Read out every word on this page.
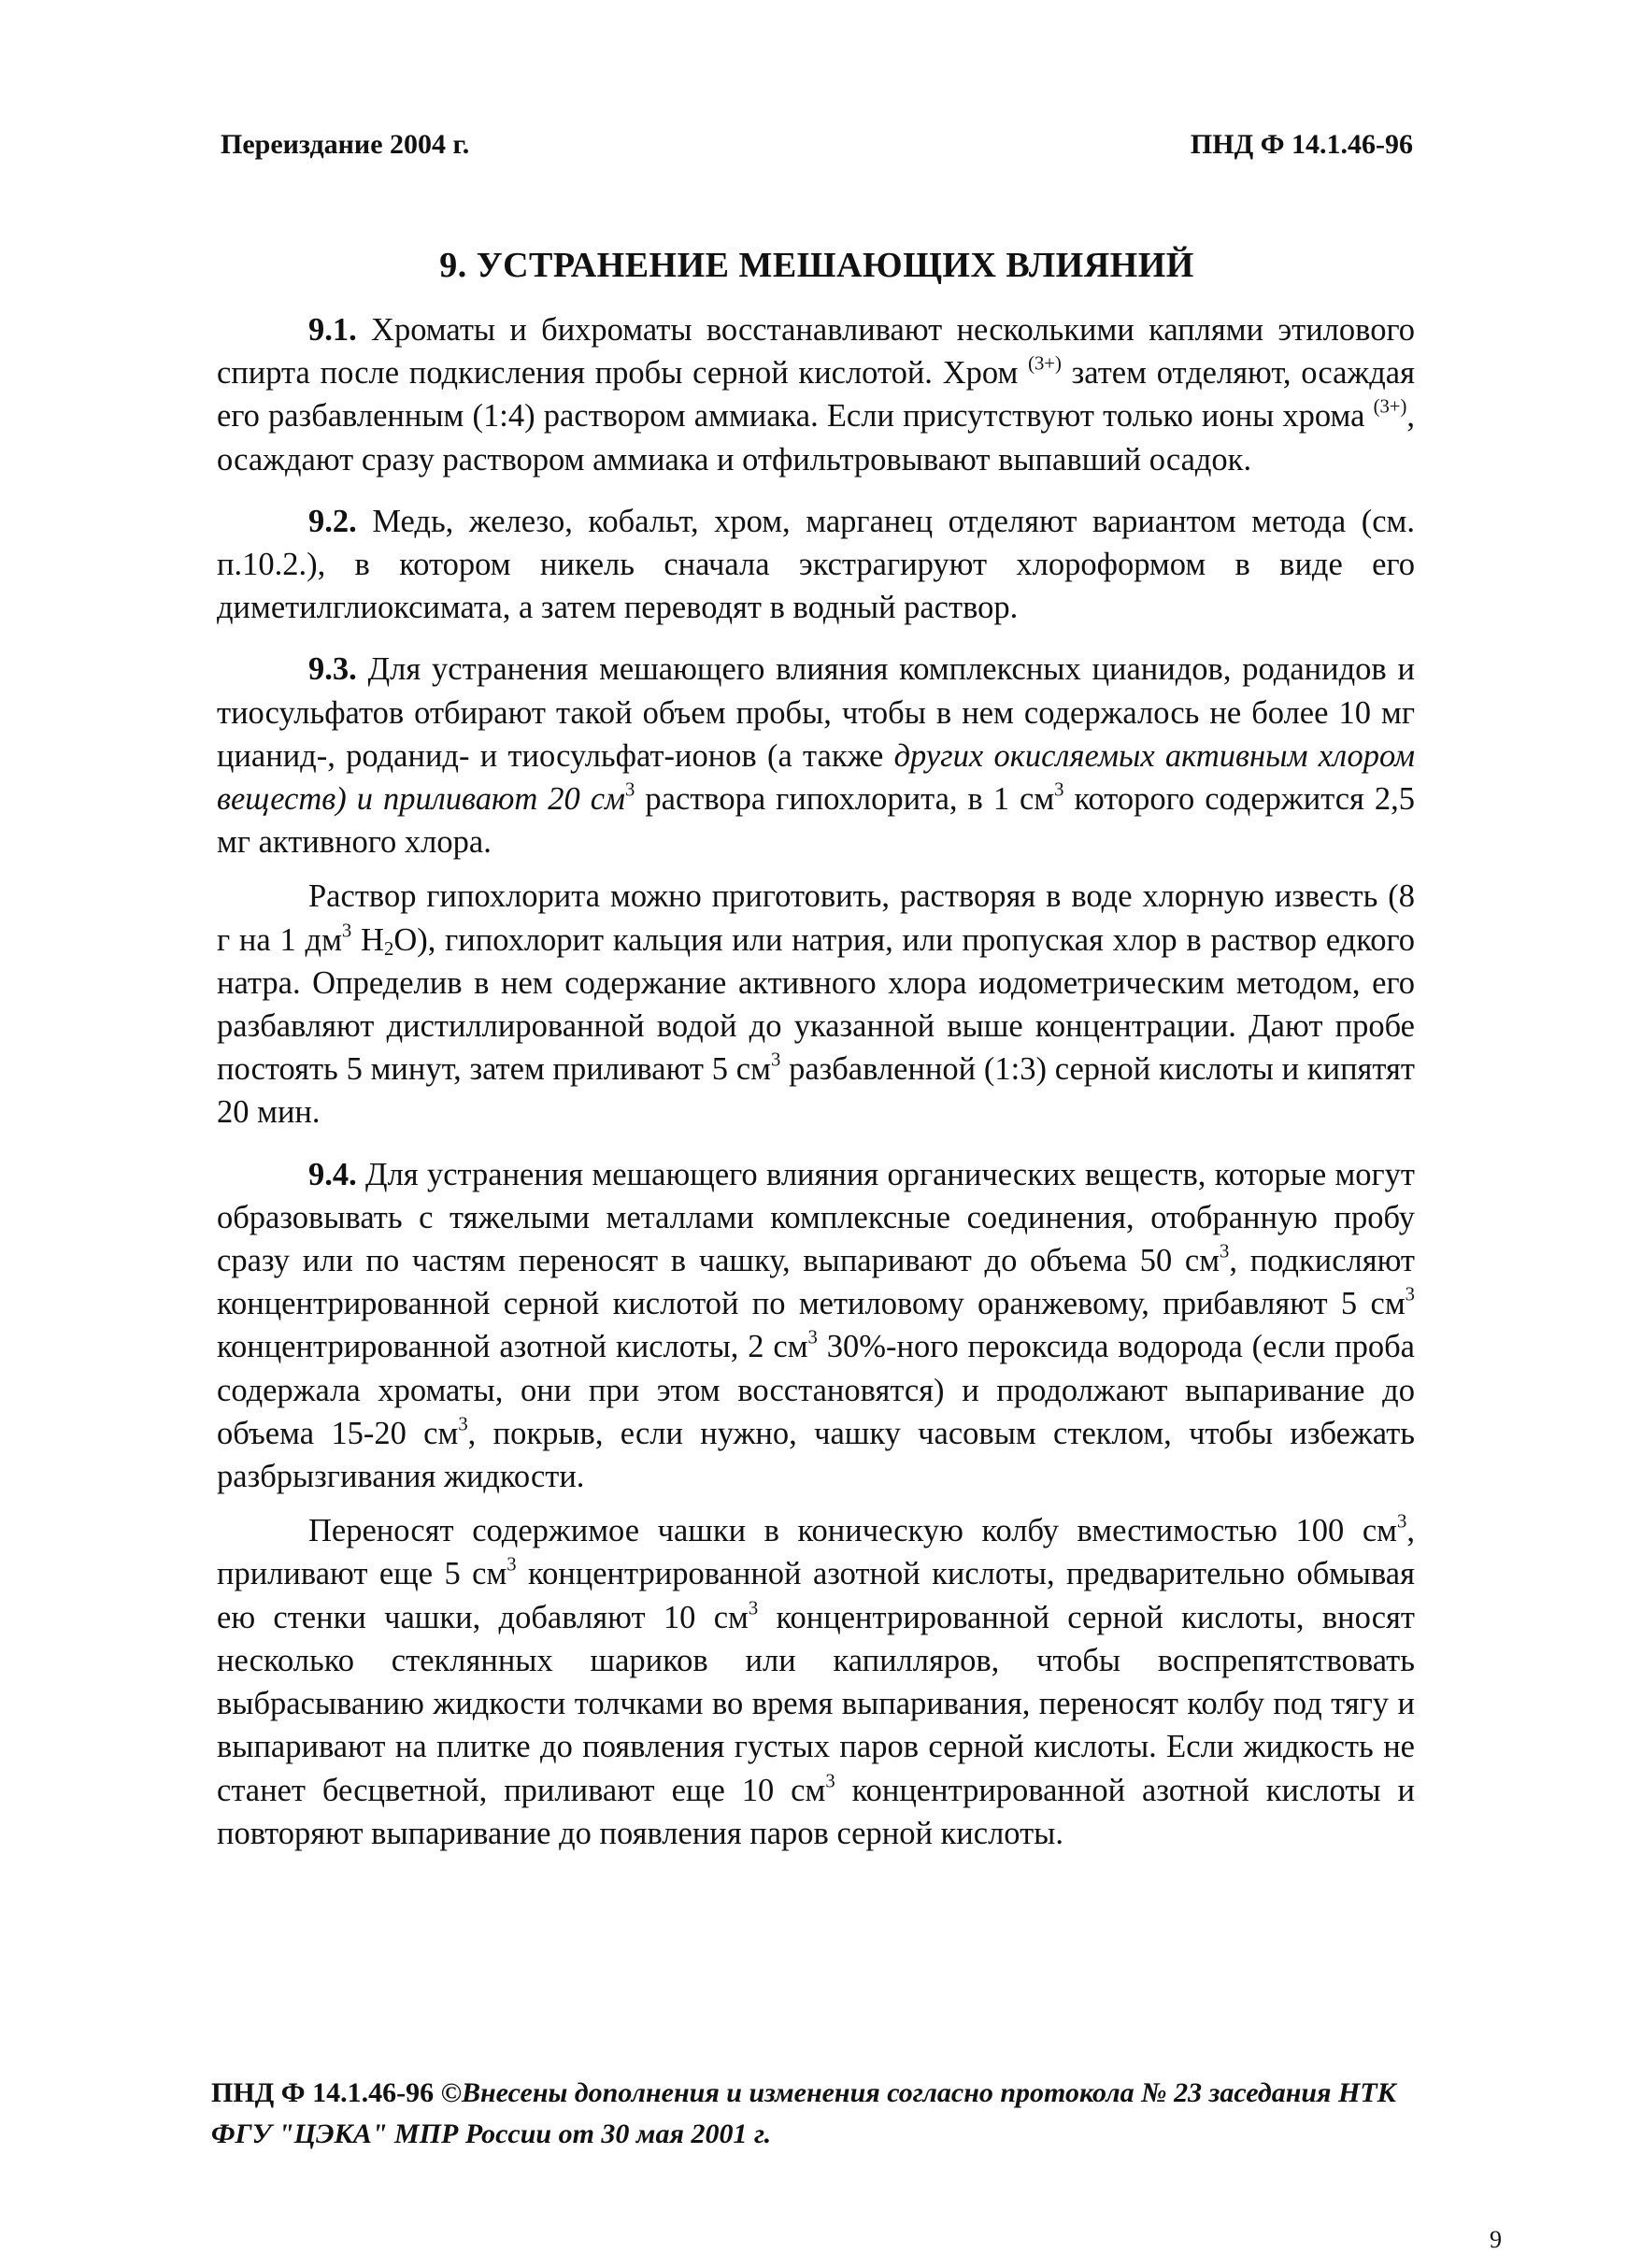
Переиздание 2004 г.	ПНД Ф 14.1.46-96
9. УСТРАНЕНИЕ МЕШАЮЩИХ ВЛИЯНИЙ

9.1. Хроматы и бихроматы восстанавливают несколькими каплями этилового спирта после подкисления пробы серной кислотой. Хром $^{(3+)}$ затем отделяют, осаждая его разбавленным (1:4) раствором аммиака. Если присутствуют только ионы хрома $^{(3+)}$, осаждают сразу раствором аммиака и отфильтровывают выпавший осадок.

9.2. Медь, железо, кобальт, хром, марганец отделяют вариантом метода (см. п.10.2.), в котором никель сначала экстрагируют хлороформом в виде его диметилглиоксимата, а затем переводят в водный раствор.

9.3. Для устранения мешающего влияния комплексных цианидов, роданидов и тиосульфатов отбирают такой объем пробы, чтобы в нем содержалось не более 10 мг цианид-, роданид- и тиосульфат-ионов (а также других окисляемых активным хлором веществ) и приливают 20 $см^3$ раствора гипохлорита, в 1 $см^3$ которого содержится 2,5 мг активного хлора.

Раствор гипохлорита можно приготовить, растворяя в воде хлорную известь (8 г на 1 $дм^3$ $H_2O$), гипохлорит кальция или натрия, или пропуская хлор в раствор едкого натра. Определив в нем содержание активного хлора иодометрическим методом, его разбавляют дистиллированной водой до указанной выше концентрации. Дают пробе постоять 5 минут, затем приливают 5 $см^3$ разбавленной (1:3) серной кислоты и кипятят 20 мин.

9.4. Для устранения мешающего влияния органических веществ, которые могут образовывать с тяжелыми металлами комплексные соединения, отобранную пробу сразу или по частям переносят в чашку, выпаривают до объема 50 $см^3$, подкисляют концентрированной серной кислотой по метиловому оранжевому, прибавляют 5 $см^3$ концентрированной азотной кислоты, 2 $см^3$ 30%-ного пероксида водорода (если проба содержала хроматы, они при этом восстановятся) и продолжают выпаривание до объема 15-20 $см^3$, покрыв, если нужно, чашку часовым стеклом, чтобы избежать разбрызгивания жидкости.

Переносят содержимое чашки в коническую колбу вместимостью 100 $см^3$, приливают еще 5 $см^3$ концентрированной азотной кислоты, предварительно обмывая ею стенки чашки, добавляют 10 $см^3$ концентрированной серной кислоты, вносят несколько стеклянных шариков или капилляров, чтобы воспрепятствовать выбрасыванию жидкости толчками во время выпаривания, переносят колбу под тягу и выпаривают на плитке до появления густых паров серной кислоты. Если жидкость не станет бесцветной, приливают еще 10 $см^3$ концентрированной азотной кислоты и повторяют выпаривание до появления паров серной кислоты.

ПНД Ф 14.1.46-96 ©Внесены дополнения и изменения согласно протокола № 23 заседания НТК ФГУ "ЦЭКА" МПР России от 30 мая 2001 г.
9
